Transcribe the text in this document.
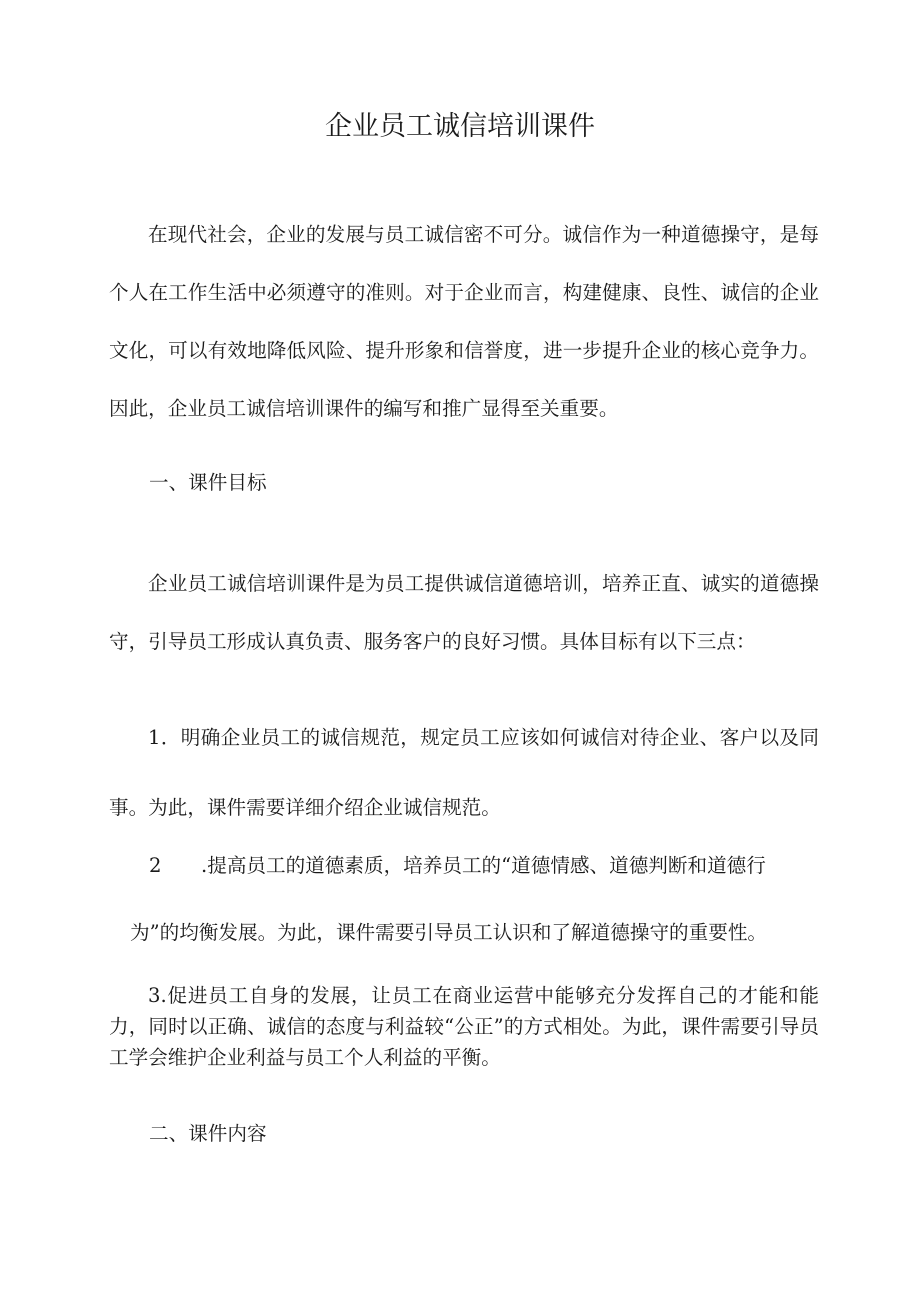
企业员工诚信培训课件

在现代社会，企业的发展与员工诚信密不可分。诚信作为一种道德操守，是每个人在工作生活中必须遵守的准则。对于企业而言，构建健康、良性、诚信的企业文化，可以有效地降低风险、提升形象和信誉度，进一步提升企业的核心竞争力。因此，企业员工诚信培训课件的编写和推广显得至关重要。

一、课件目标

企业员工诚信培训课件是为员工提供诚信道德培训，培养正直、诚实的道德操守，引导员工形成认真负责、服务客户的良好习惯。具体目标有以下三点：

1．明确企业员工的诚信规范，规定员工应该如何诚信对待企业、客户以及同事。为此，课件需要详细介绍企业诚信规范。

2 .提高员工的道德素质，培养员工的“道德情感、道德判断和道德行

为”的均衡发展。为此，课件需要引导员工认识和了解道德操守的重要性。

3.促进员工自身的发展，让员工在商业运营中能够充分发挥自己的才能和能力，同时以正确、诚信的态度与利益较“公正”的方式相处。为此，课件需要引导员工学会维护企业利益与员工个人利益的平衡。

二、课件内容
